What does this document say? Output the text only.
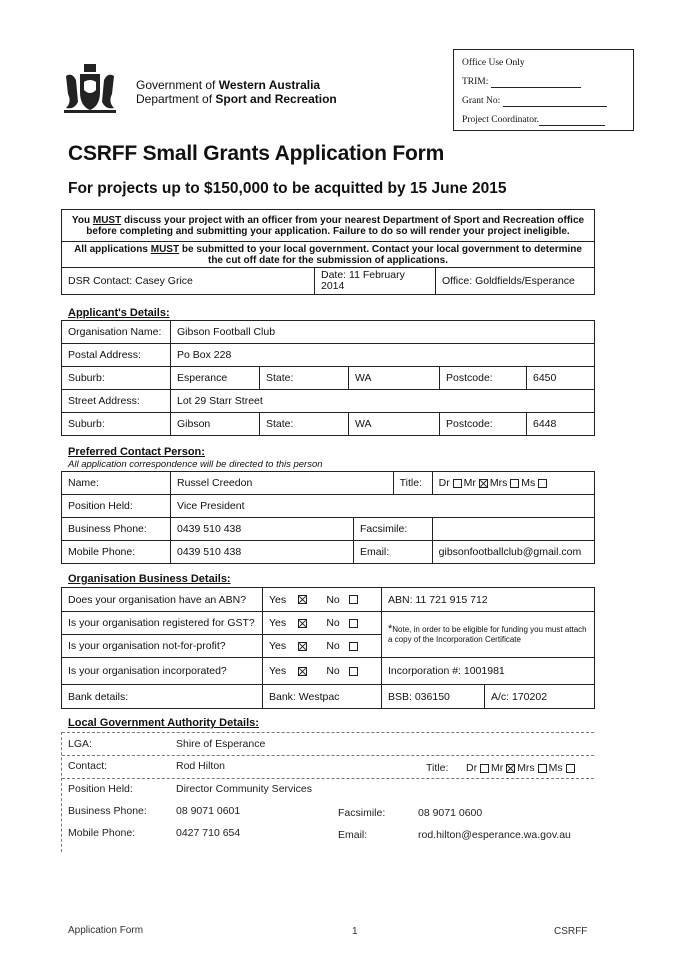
Office Use Only
TRIM:
Grant No:
Project Coordinator.
Government of Western Australia
Department of Sport and Recreation
CSRFF Small Grants Application Form
For projects up to $150,000 to be acquitted by 15 June 2015
You MUST discuss your project with an officer from your nearest Department of Sport and Recreation office before completing and submitting your application. Failure to do so will render your project ineligible.
All applications MUST be submitted to your local government. Contact your local government to determine the cut off date for the submission of applications.
DSR Contact: Casey Grice	Date: 11 February 2014	Office: Goldfields/Esperance
Applicant's Details:
Organisation Name:	Gibson Football Club				
Postal Address:	Po Box 228				
Suburb:	Esperance	State:	WA	Postcode:	6450
Street Address:	Lot 29 Starr Street				
Suburb:	Gibson	State:	WA	Postcode:	6448
Preferred Contact Person:
All application correspondence will be directed to this person
Name:	Russel Creedon		Title:	Dr Mr Mrs Ms
Position Held:	Vice President			
Business Phone:	0439 510 438	Facsimile:		
Mobile Phone:	0439 510 438	Email:		gibsonfootballclub@gmail.com
Organisation Business Details:
Does your organisation have an ABN?	Yes No	ABN: 11 721 915 712	
Is your organisation registered for GST?	Yes No	*Note, in order to be eligible for funding you must attach a copy of the Incorporation Certificate	
Is your organisation not-for-profit?	Yes No		
Is your organisation incorporated?	Yes No	Incorporation #: 1001981	
Bank details:	Bank: Westpac	BSB: 036150	A/c: 170202
Local Government Authority Details:
LGA:	Shire of Esperance
Contact:	Rod Hilton	Title: Dr Mr Mrs Ms
Position Held:	Director Community Services
Business Phone:	08 9071 0601	Facsimile:	08 9071 0600
Mobile Phone:	0427 710 654	Email:	rod.hilton@esperance.wa.gov.au
Application Form	1	CSRFF
